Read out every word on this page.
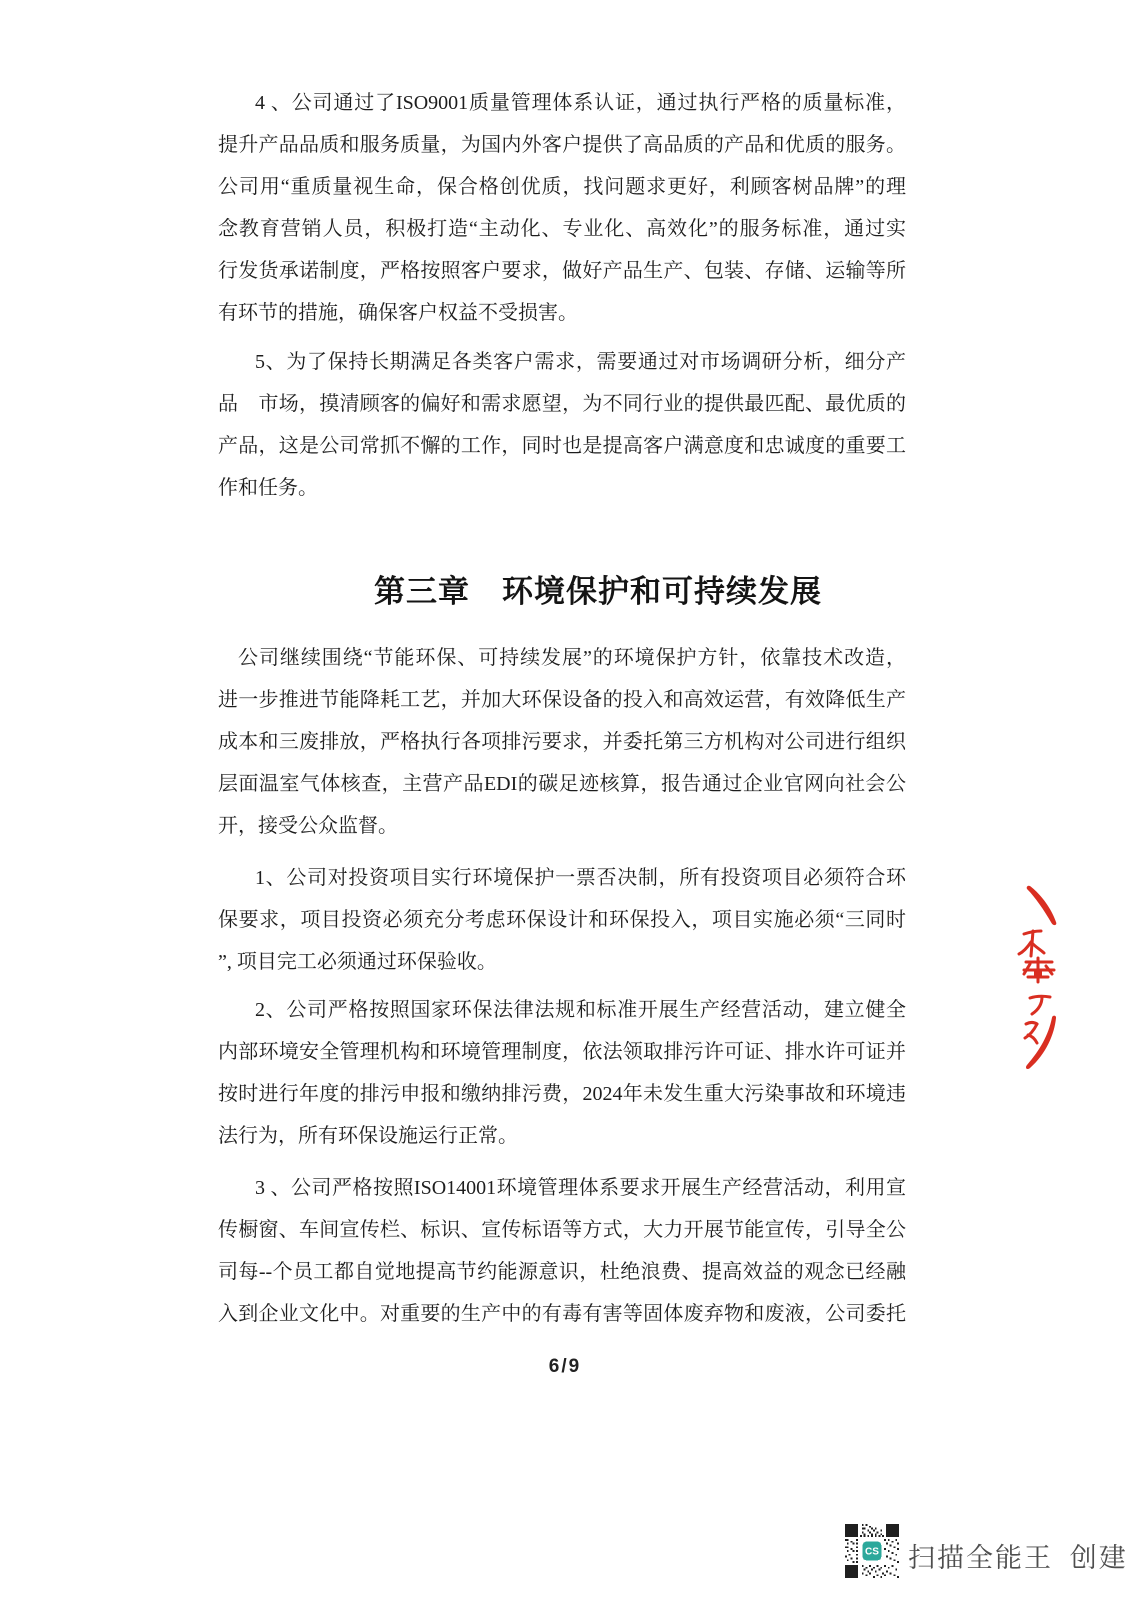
4 、公司通过了ISO9001质量管理体系认证，通过执行严格的质量标准，
提升产品品质和服务质量，为国内外客户提供了高品质的产品和优质的服务。
公司用“重质量视生命，保合格创优质，找问题求更好，利顾客树品牌”的理
念教育营销人员，积极打造“主动化、专业化、高效化”的服务标准，通过实
行发货承诺制度，严格按照客户要求，做好产品生产、包装、存储、运输等所
有环节的措施，确保客户权益不受损害。
5、为了保持长期满足各类客户需求，需要通过对市场调研分析，细分产
品　市场，摸清顾客的偏好和需求愿望，为不同行业的提供最匹配、最优质的
产品，这是公司常抓不懈的工作，同时也是提高客户满意度和忠诚度的重要工
作和任务。
第三章　环境保护和可持续发展
公司继续围绕“节能环保、可持续发展”的环境保护方针，依靠技术改造，
进一步推进节能降耗工艺，并加大环保设备的投入和高效运营，有效降低生产
成本和三废排放，严格执行各项排污要求，并委托第三方机构对公司进行组织
层面温室气体核查，主营产品EDI的碳足迹核算，报告通过企业官网向社会公
开，接受公众监督。
1、公司对投资项目实行环境保护一票否决制，所有投资项目必须符合环
保要求，项目投资必须充分考虑环保设计和环保投入，项目实施必须“三同时
”, 项目完工必须通过环保验收。
2、公司严格按照国家环保法律法规和标准开展生产经营活动，建立健全
内部环境安全管理机构和环境管理制度，依法领取排污许可证、排水许可证并
按时进行年度的排污申报和缴纳排污费，2024年未发生重大污染事故和环境违
法行为，所有环保设施运行正常。
3 、公司严格按照ISO14001环境管理体系要求开展生产经营活动，利用宣
传橱窗、车间宣传栏、标识、宣传标语等方式，大力开展节能宣传，引导全公
司每--个员工都自觉地提高节约能源意识，杜绝浪费、提高效益的观念已经融
入到企业文化中。对重要的生产中的有毒有害等固体废弃物和废液，公司委托
6/9
CS 扫描全能王 创建
